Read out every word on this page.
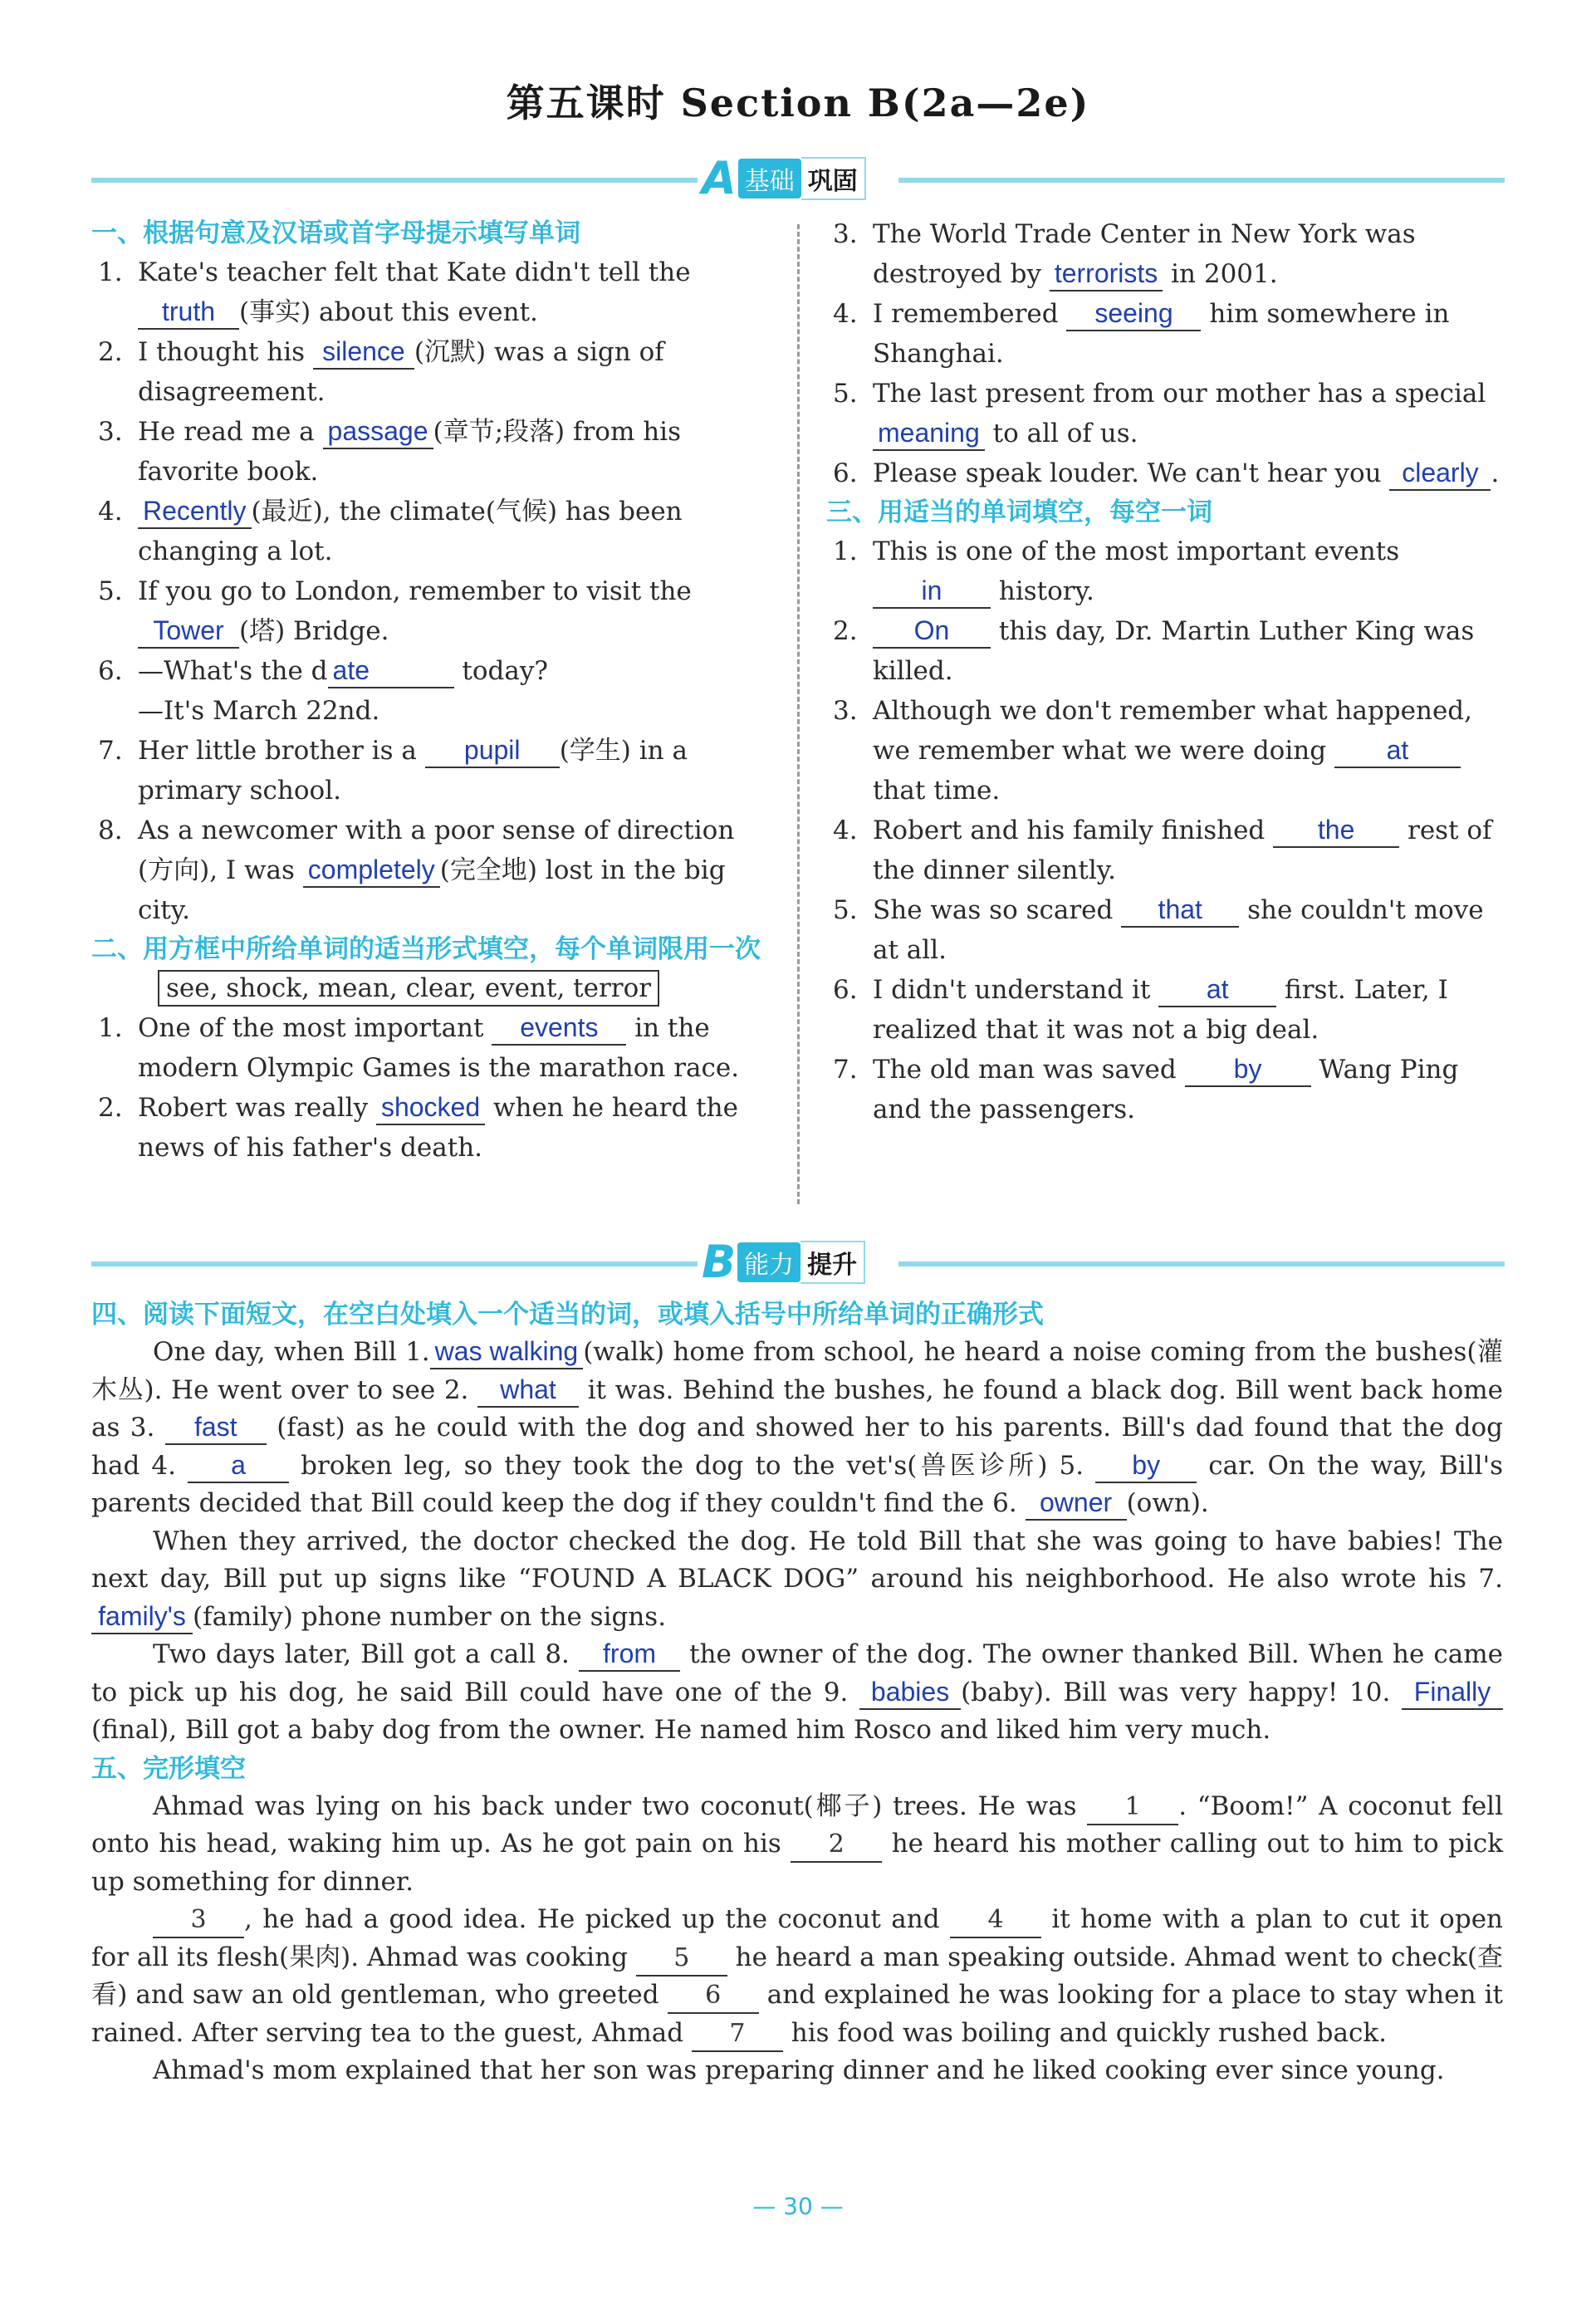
第五课时 Section B(2a—2e)
A 基础 巩固

一、根据句意及汉语或首字母提示填写单词

1. Kate's teacher felt that Kate didn't tell the truth (事实) about this event.

2. I thought his silence (沉默) was a sign of disagreement.

3. He read me a passage (章节;段落) from his favorite book.

4. Recently (最近), the climate(气候) has been changing a lot.

5. If you go to London, remember to visit the Tower (塔) Bridge.

6. —What's the d ate	today?
—It's March 22nd.

7. Her little brother is a pupil (学生) in a primary school.

8. As a newcomer with a poor sense of direction (方向), I was completely (完全地) lost in the big city.

二、用方框中所给单词的适当形式填空，每个单词限用一次

see, shock, mean, clear, event, terror

1. One of the most important events in the modern Olympic Games is the marathon race.

2. Robert was really shocked when he heard the news of his father's death.

3. The World Trade Center in New York was destroyed by terrorists in 2001.

4. I remembered seeing him somewhere in Shanghai.

5. The last present from our mother has a special meaning to all of us.

6. Please speak louder. We can't hear you clearly .

三、用适当的单词填空，每空一词

1. This is one of the most important events in history.

2. On this day, Dr. Martin Luther King was killed.

3. Although we don't remember what happened, we remember what we were doing at that time.

4. Robert and his family finished the rest of the dinner silently.

5. She was so scared that she couldn't move at all.

6. I didn't understand it at first. Later, I realized that it was not a big deal.

7. The old man was saved by Wang Ping and the passengers.

B 能力 提升

四、阅读下面短文，在空白处填入一个适当的词，或填入括号中所给单词的正确形式

One day, when Bill 1. was walking (walk) home from school, he heard a noise coming from the bushes(灌木丛). He went over to see 2. what it was. Behind the bushes, he found a black dog. Bill went back home as 3. fast (fast) as he could with the dog and showed her to his parents. Bill's dad found that the dog had 4. a broken leg, so they took the dog to the vet's(兽医诊所) 5. by car. On the way, Bill's parents decided that Bill could keep the dog if they couldn't find the 6. owner (own).

When they arrived, the doctor checked the dog. He told Bill that she was going to have babies! The next day, Bill put up signs like “FOUND A BLACK DOG” around his neighborhood. He also wrote his 7. family's (family) phone number on the signs.

Two days later, Bill got a call 8. from the owner of the dog. The owner thanked Bill. When he came to pick up his dog, he said Bill could have one of the 9. babies (baby). Bill was very happy! 10. Finally(final), Bill got a baby dog from the owner. He named him Rosco and liked him very much.

五、完形填空

Ahmad was lying on his back under two coconut(椰子) trees. He was 1 . “Boom!” A coconut fell onto his head, waking him up. As he got pain on his 2 he heard his mother calling out to him to pick up something for dinner.

3 , he had a good idea. He picked up the coconut and 4 it home with a plan to cut it open for all its flesh(果肉). Ahmad was cooking 5 he heard a man speaking outside. Ahmad went to check(查看) and saw an old gentleman, who greeted 6 and explained he was looking for a place to stay when it rained. After serving tea to the guest, Ahmad 7 his food was boiling and quickly rushed back.

Ahmad's mom explained that her son was preparing dinner and he liked cooking ever since young.

— 30 —
